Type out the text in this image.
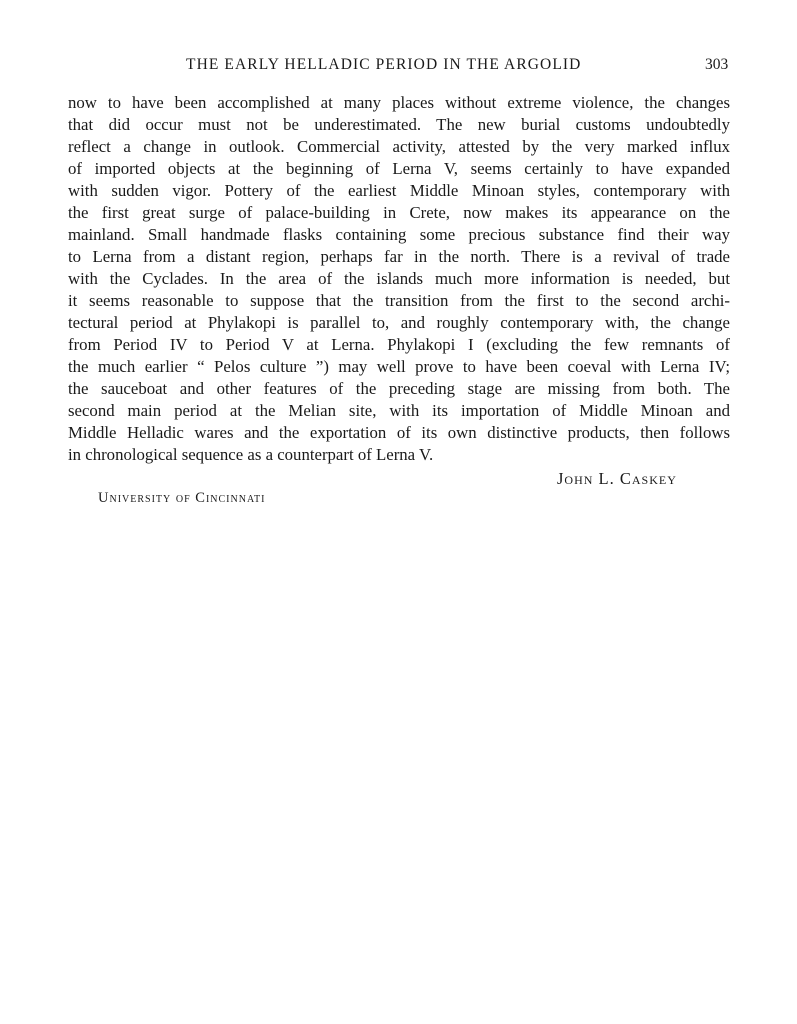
THE EARLY HELLADIC PERIOD IN THE ARGOLID	303
now to have been accomplished at many places without extreme violence, the changes
that did occur must not be underestimated. The new burial customs undoubtedly
reflect a change in outlook. Commercial activity, attested by the very marked influx
of imported objects at the beginning of Lerna V, seems certainly to have expanded
with sudden vigor. Pottery of the earliest Middle Minoan styles, contemporary with
the first great surge of palace-building in Crete, now makes its appearance on the
mainland. Small handmade flasks containing some precious substance find their way
to Lerna from a distant region, perhaps far in the north. There is a revival of trade
with the Cyclades. In the area of the islands much more information is needed, but
it seems reasonable to suppose that the transition from the first to the second archi-
tectural period at Phylakopi is parallel to, and roughly contemporary with, the change
from Period IV to Period V at Lerna. Phylakopi I (excluding the few remnants of
the much earlier “ Pelos culture ”) may well prove to have been coeval with Lerna IV;
the sauceboat and other features of the preceding stage are missing from both. The
second main period at the Melian site, with its importation of Middle Minoan and
Middle Helladic wares and the exportation of its own distinctive products, then follows
in chronological sequence as a counterpart of Lerna V.
John L. Caskey
University of Cincinnati
